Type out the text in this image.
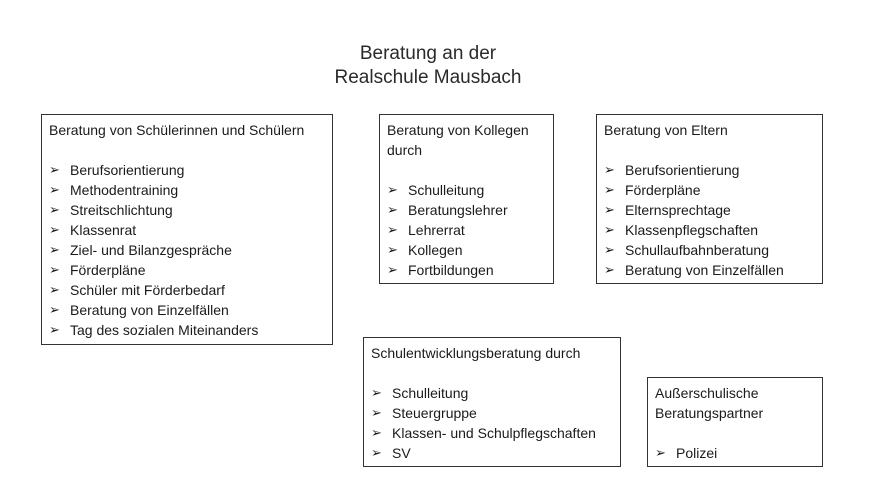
Beratung an der
Realschule Mausbach
Beratung von Schülerinnen und Schülern
➢ Berufsorientierung
➢ Methodentraining
➢ Streitschlichtung
➢ Klassenrat
➢ Ziel- und Bilanzgespräche
➢ Förderpläne
➢ Schüler mit Förderbedarf
➢ Beratung von Einzelfällen
➢ Tag des sozialen Miteinanders
Beratung von Kollegen
durch
➢ Schulleitung
➢ Beratungslehrer
➢ Lehrerrat
➢ Kollegen
➢ Fortbildungen
Beratung von Eltern
➢ Berufsorientierung
➢ Förderpläne
➢ Elternsprechtage
➢ Klassenpflegschaften
➢ Schullaufbahnberatung
➢ Beratung von Einzelfällen
Schulentwicklungsberatung durch
➢ Schulleitung
➢ Steuergruppe
➢ Klassen- und Schulpflegschaften
➢ SV
Außerschulische
Beratungspartner
➢ Polizei
